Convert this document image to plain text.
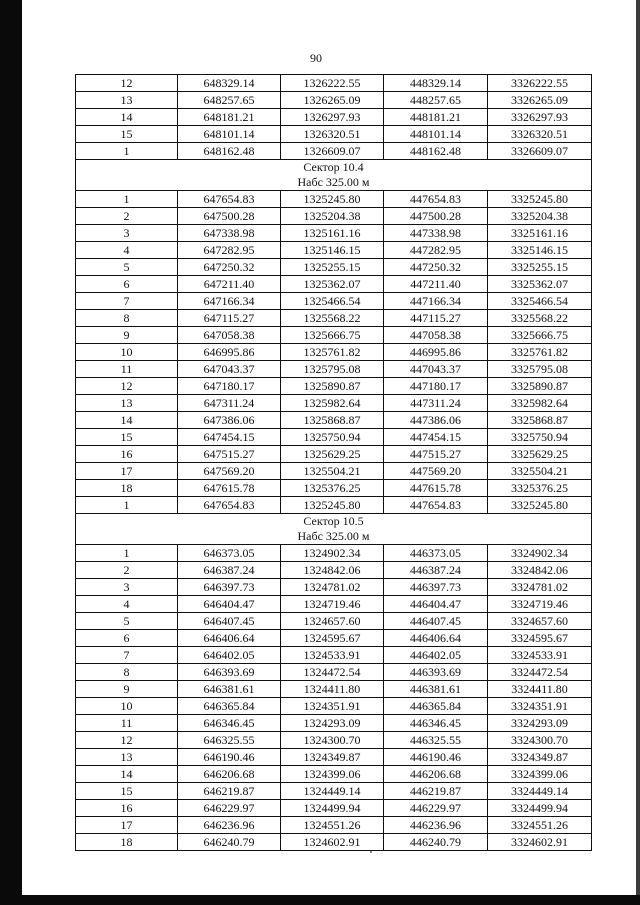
90
12	648329.14	1326222.55	448329.14	3326222.55
13	648257.65	1326265.09	448257.65	3326265.09
14	648181.21	1326297.93	448181.21	3326297.93
15	648101.14	1326320.51	448101.14	3326320.51
1	648162.48	1326609.07	448162.48	3326609.07

Сектор 10.4
Набс 325.00 м				

1	647654.83	1325245.80	447654.83	3325245.80
2	647500.28	1325204.38	447500.28	3325204.38
3	647338.98	1325161.16	447338.98	3325161.16
4	647282.95	1325146.15	447282.95	3325146.15
5	647250.32	1325255.15	447250.32	3325255.15
6	647211.40	1325362.07	447211.40	3325362.07
7	647166.34	1325466.54	447166.34	3325466.54
8	647115.27	1325568.22	447115.27	3325568.22
9	647058.38	1325666.75	447058.38	3325666.75
10	646995.86	1325761.82	446995.86	3325761.82
11	647043.37	1325795.08	447043.37	3325795.08
12	647180.17	1325890.87	447180.17	3325890.87
13	647311.24	1325982.64	447311.24	3325982.64
14	647386.06	1325868.87	447386.06	3325868.87
15	647454.15	1325750.94	447454.15	3325750.94
16	647515.27	1325629.25	447515.27	3325629.25
17	647569.20	1325504.21	447569.20	3325504.21
18	647615.78	1325376.25	447615.78	3325376.25
1	647654.83	1325245.80	447654.83	3325245.80

Сектор 10.5
Набс 325.00 м				

1	646373.05	1324902.34	446373.05	3324902.34
2	646387.24	1324842.06	446387.24	3324842.06
3	646397.73	1324781.02	446397.73	3324781.02
4	646404.47	1324719.46	446404.47	3324719.46
5	646407.45	1324657.60	446407.45	3324657.60
6	646406.64	1324595.67	446406.64	3324595.67
7	646402.05	1324533.91	446402.05	3324533.91
8	646393.69	1324472.54	446393.69	3324472.54
9	646381.61	1324411.80	446381.61	3324411.80
10	646365.84	1324351.91	446365.84	3324351.91
11	646346.45	1324293.09	446346.45	3324293.09
12	646325.55	1324300.70	446325.55	3324300.70
13	646190.46	1324349.87	446190.46	3324349.87
14	646206.68	1324399.06	446206.68	3324399.06
15	646219.87	1324449.14	446219.87	3324449.14
16	646229.97	1324499.94	446229.97	3324499.94
17	646236.96	1324551.26	446236.96	3324551.26
18	646240.79	1324602.91	446240.79	3324602.91
